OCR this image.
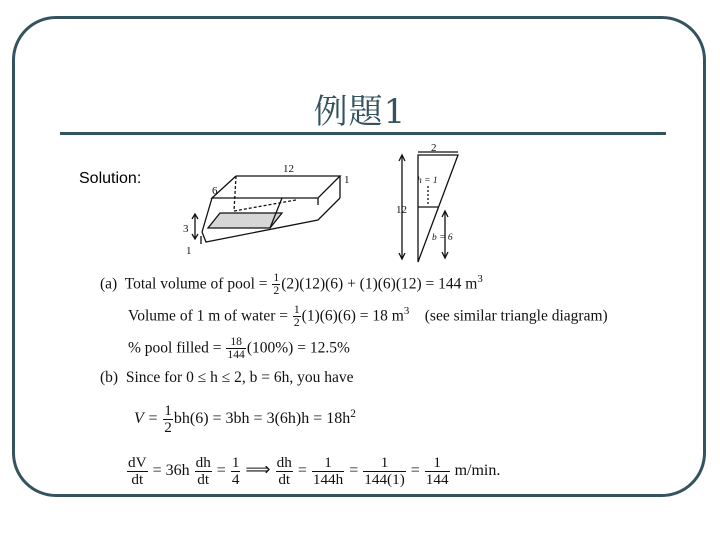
例題1
Solution:
12
6
1
3
1
2
12
h = 1
b = 6
(a) Total volume of pool = $\frac{1}{2} (2)(12)(6) + (1)(6)(12) = 144$ $m^3$
Volume of 1 m of water = $\frac{1}{2} (1)(6)(6) = 18$ $m^3$ (see similar triangle diagram)
% pool filled = $\frac{18}{144} (100\%) = 12.5\%$
(b) Since for 0 ≤ h ≤ 2, b = 6h, you have
$V = \frac{1}{2} bh(6) = 3bh = 3(6h)h = 18h^2$
$\frac{dV}{dt} = 36h \frac{dh}{dt} = \frac{1}{4}$ ⟹ $\frac{dh}{dt} = \frac{1}{144h} = \frac{1}{144(1)} = \frac{1}{144} m/\min$.
